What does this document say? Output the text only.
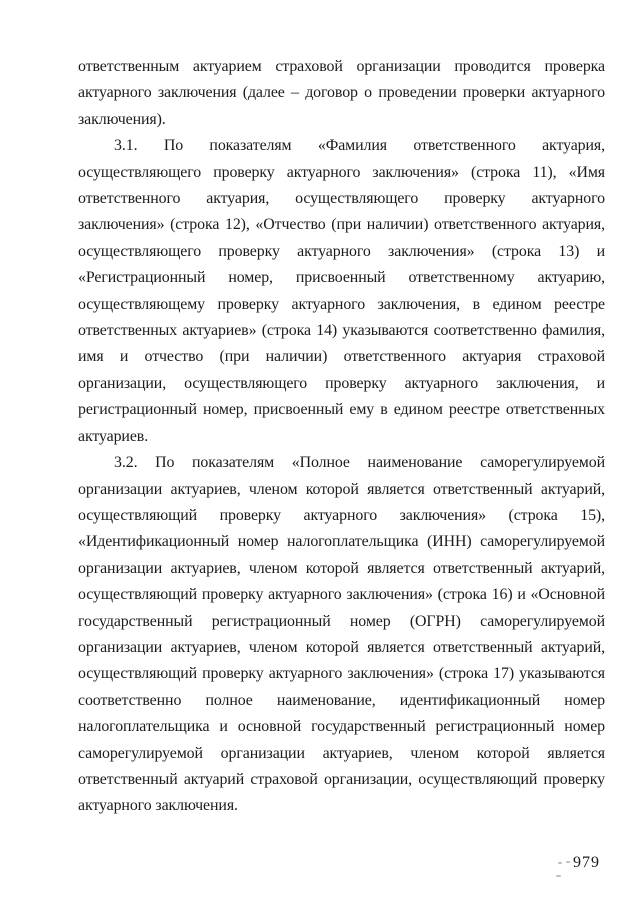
ответственным актуарием страховой организации проводится проверка
актуарного заключения (далее – договор о проведении проверки актуарного
заключения).
3.1. По показателям «Фамилия ответственного актуария,
осуществляющего проверку актуарного заключения» (строка 11), «Имя
ответственного актуария, осуществляющего проверку актуарного
заключения» (строка 12), «Отчество (при наличии) ответственного актуария,
осуществляющего проверку актуарного заключения» (строка 13) и
«Регистрационный номер, присвоенный ответственному актуарию,
осуществляющему проверку актуарного заключения, в едином реестре
ответственных актуариев» (строка 14) указываются соответственно фамилия,
имя и отчество (при наличии) ответственного актуария страховой
организации, осуществляющего проверку актуарного заключения, и
регистрационный номер, присвоенный ему в едином реестре ответственных
актуариев.
3.2. По показателям «Полное наименование саморегулируемой
организации актуариев, членом которой является ответственный актуарий,
осуществляющий проверку актуарного заключения» (строка 15),
«Идентификационный номер налогоплательщика (ИНН) саморегулируемой
организации актуариев, членом которой является ответственный актуарий,
осуществляющий проверку актуарного заключения» (строка 16) и «Основной
государственный регистрационный номер (ОГРН) саморегулируемой
организации актуариев, членом которой является ответственный актуарий,
осуществляющий проверку актуарного заключения» (строка 17) указываются
соответственно полное наименование, идентификационный номер
налогоплательщика и основной государственный регистрационный номер
саморегулируемой организации актуариев, членом которой является
ответственный актуарий страховой организации, осуществляющий проверку
актуарного заключения.
979
